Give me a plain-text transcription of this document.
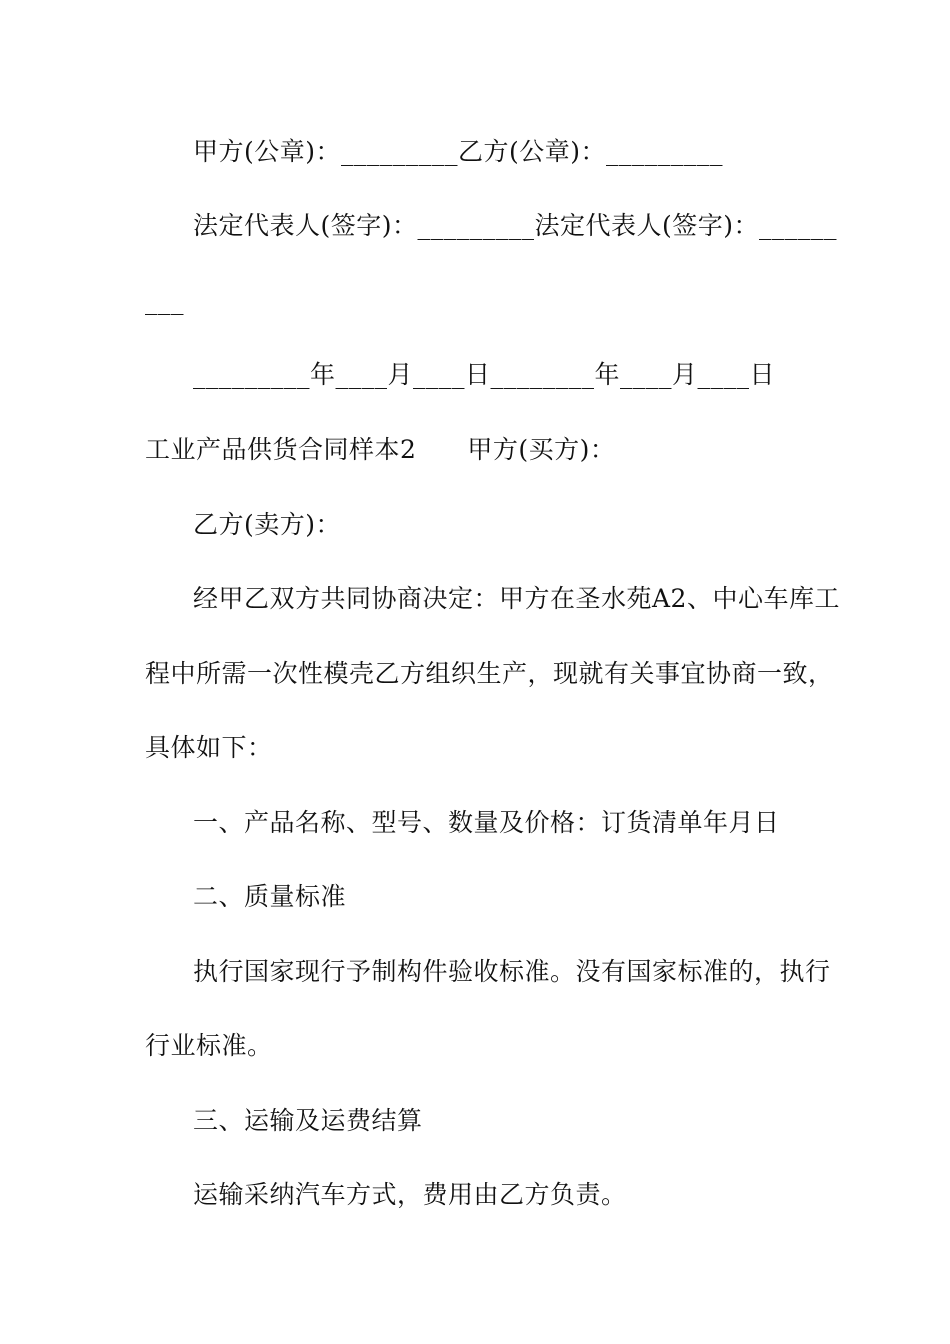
甲方(公章)：_________乙方(公章)：_________
法定代表人(签字)：_________法定代表人(签字)：______
___
_________年____月____日________年____月____日
工业产品供货合同样本2　　甲方(买方)：
乙方(卖方)：
经甲乙双方共同协商决定：甲方在圣水苑A2、中心车库工
程中所需一次性模壳乙方组织生产，现就有关事宜协商一致，
具体如下：
一、产品名称、型号、数量及价格：订货清单年月日
二、质量标准
执行国家现行予制构件验收标准。没有国家标准的，执行
行业标准。
三、运输及运费结算
运输采纳汽车方式，费用由乙方负责。
